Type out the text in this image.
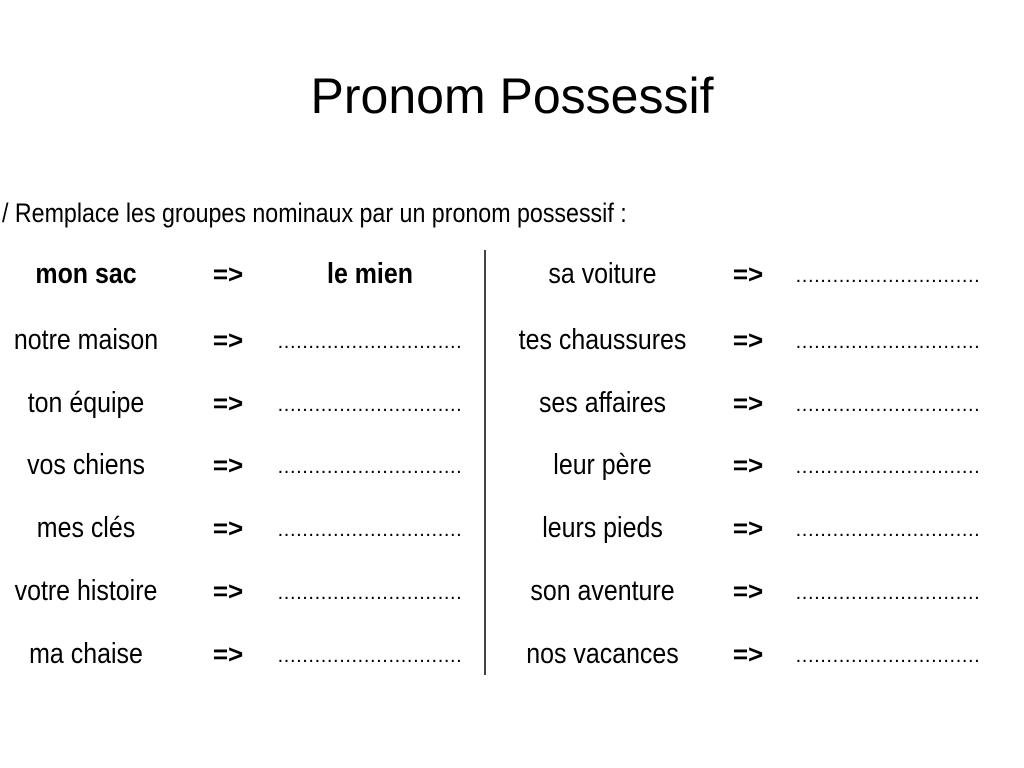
Pronom Possessif
/ Remplace les groupes nominaux par un pronom possessif :
mon sac	=>	le mien
notre maison	=>	..............................
ton équipe	=>	..............................
vos chiens	=>	..............................
mes clés	=>	..............................
votre histoire	=>	..............................
ma chaise	=>	..............................
sa voiture	=>	..............................
tes chaussures	=>	..............................
ses affaires	=>	..............................
leur père	=>	..............................
leurs pieds	=>	..............................
son aventure	=>	..............................
nos vacances	=>	..............................
